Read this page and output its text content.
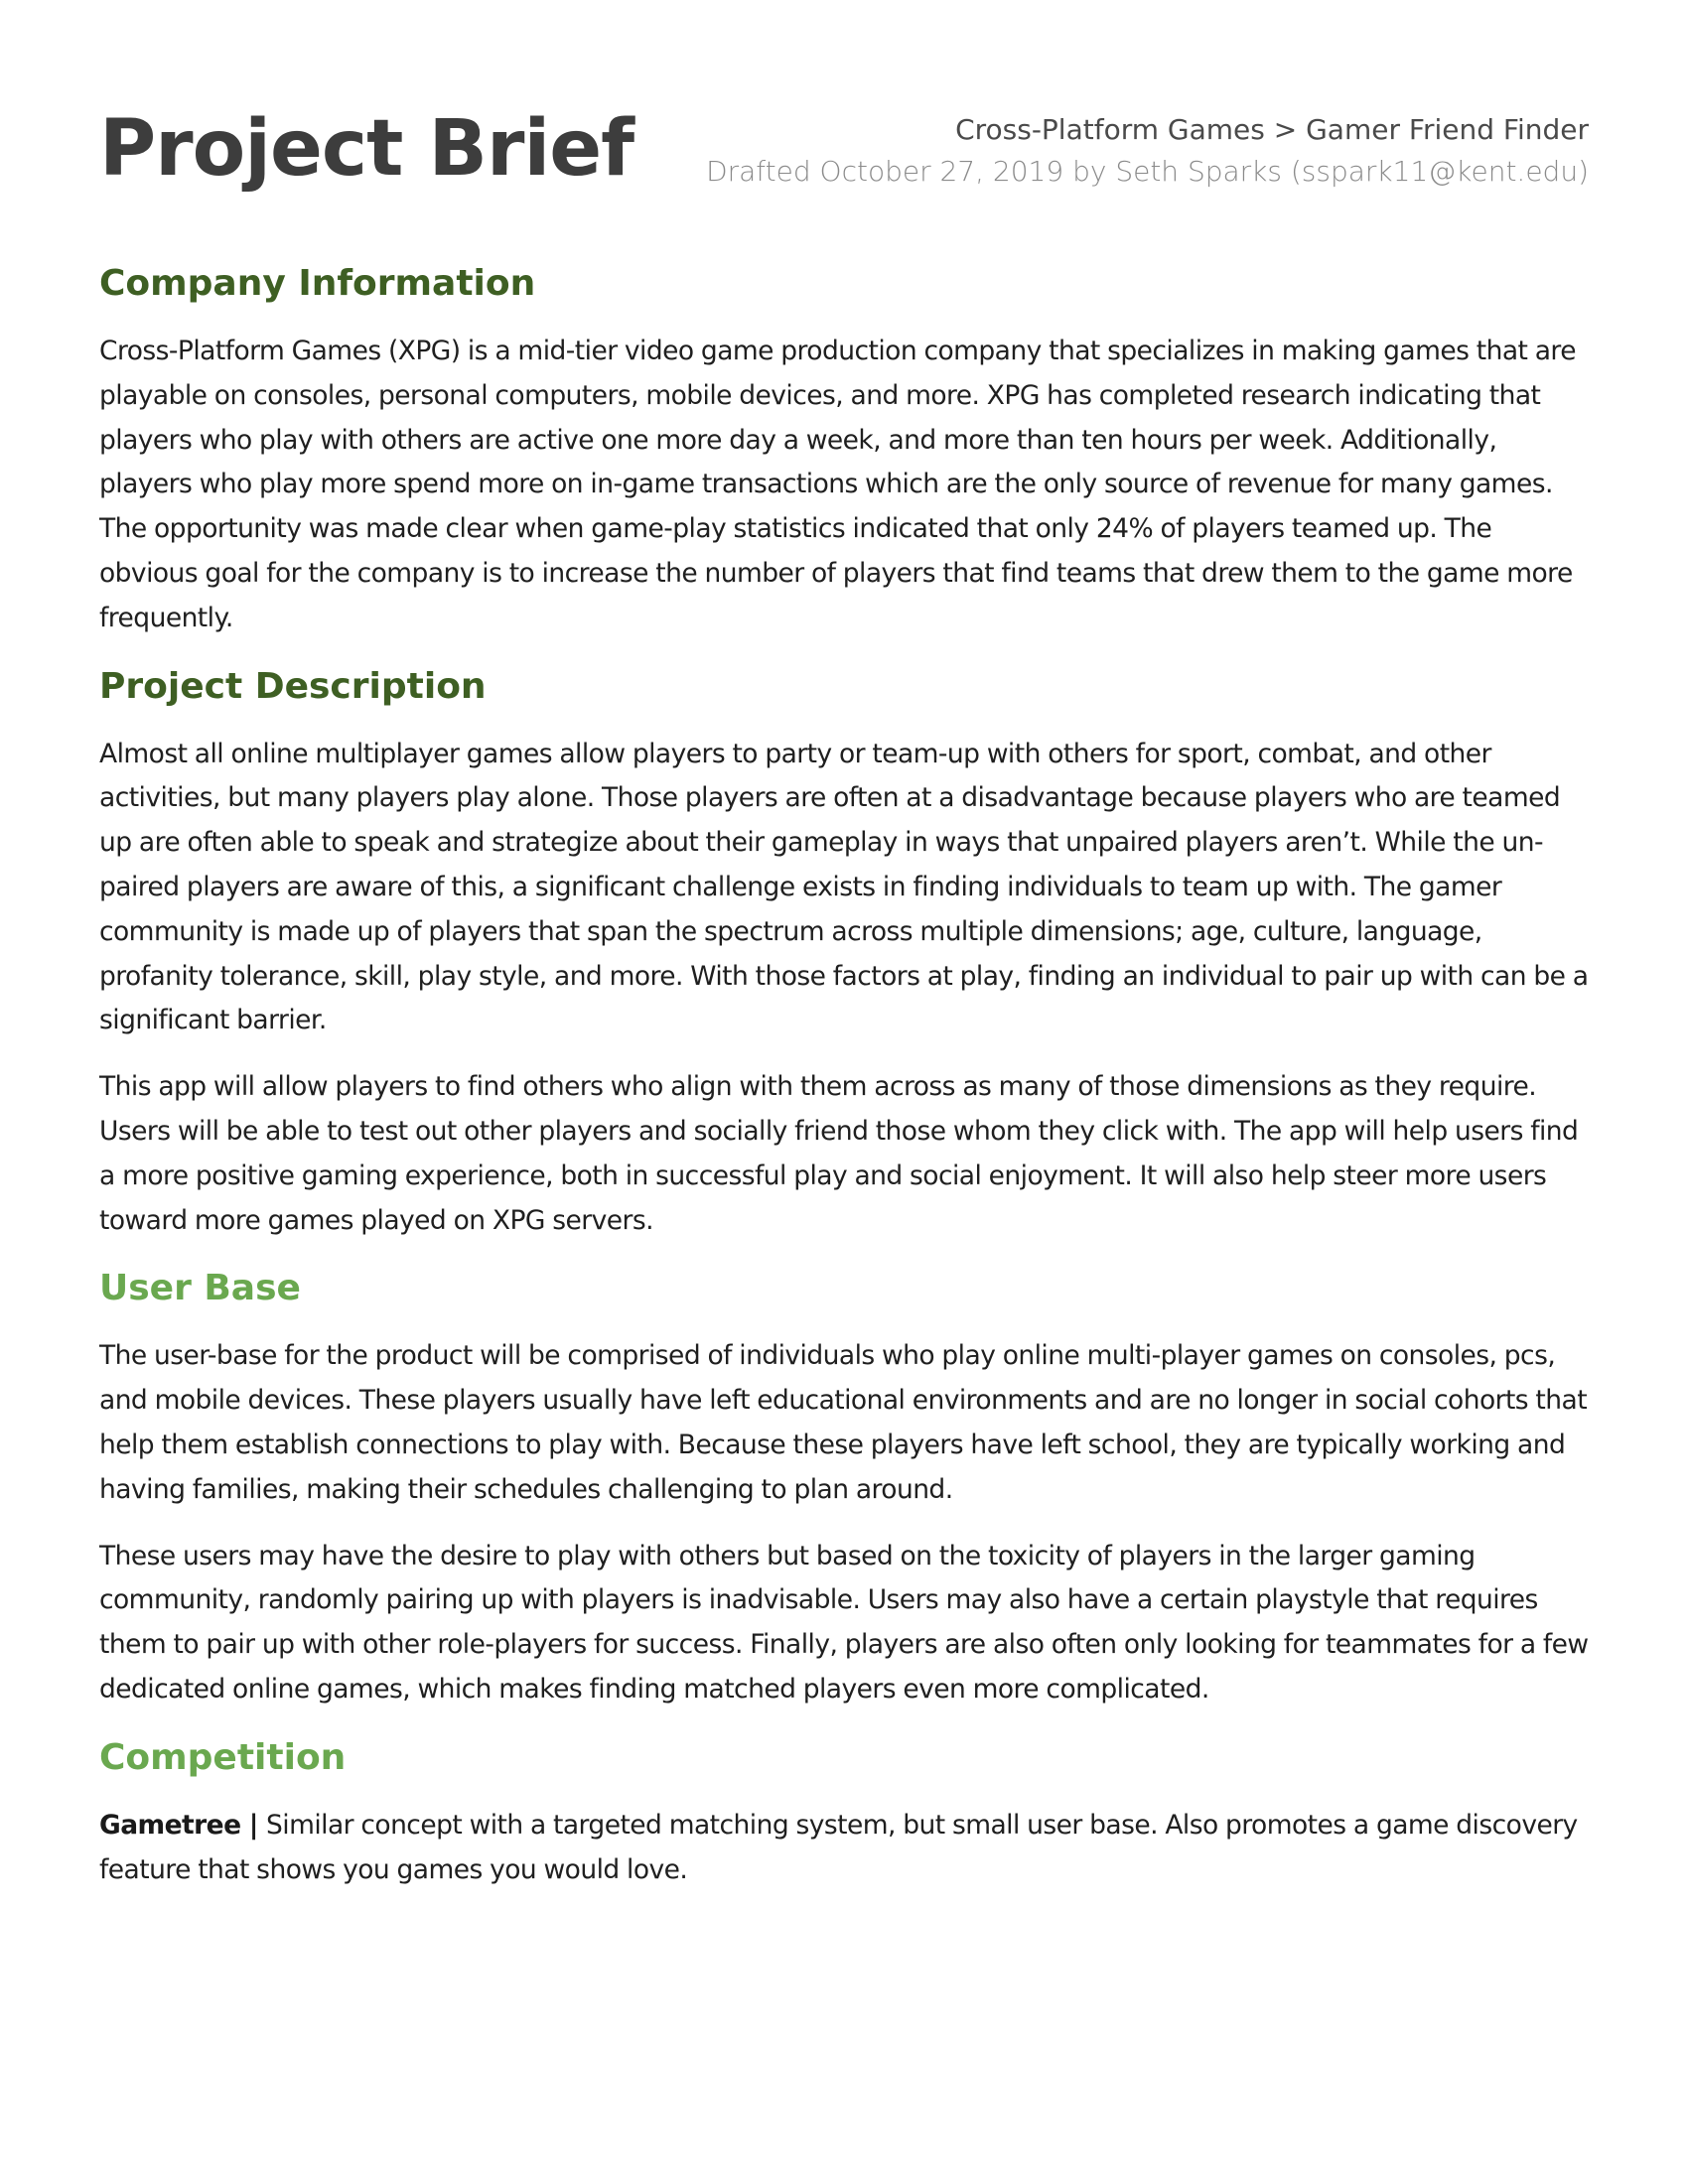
Project Brief	Cross-Platform Games > Gamer Friend Finder
Drafted October 27, 2019 by Seth Sparks (sspark11@kent.edu)
Company Information

Cross-Platform Games (XPG) is a mid-tier video game production company that specializes in making games that are playable on consoles, personal computers, mobile devices, and more. XPG has completed research indicating that players who play with others are active one more day a week, and more than ten hours per week. Additionally, players who play more spend more on in-game transactions which are the only source of revenue for many games. The opportunity was made clear when game-play statistics indicated that only 24% of players teamed up. The obvious goal for the company is to increase the number of players that find teams that drew them to the game more frequently.

Project Description

Almost all online multiplayer games allow players to party or team-up with others for sport, combat, and other activities, but many players play alone. Those players are often at a disadvantage because players who are teamed up are often able to speak and strategize about their gameplay in ways that unpaired players aren’t. While the un-paired players are aware of this, a significant challenge exists in finding individuals to team up with. The gamer community is made up of players that span the spectrum across multiple dimensions; age, culture, language, profanity tolerance, skill, play style, and more. With those factors at play, finding an individual to pair up with can be a significant barrier.

This app will allow players to find others who align with them across as many of those dimensions as they require. Users will be able to test out other players and socially friend those whom they click with. The app will help users find a more positive gaming experience, both in successful play and social enjoyment. It will also help steer more users toward more games played on XPG servers.

User Base

The user-base for the product will be comprised of individuals who play online multi-player games on consoles, pcs, and mobile devices. These players usually have left educational environments and are no longer in social cohorts that help them establish connections to play with. Because these players have left school, they are typically working and having families, making their schedules challenging to plan around.

These users may have the desire to play with others but based on the toxicity of players in the larger gaming community, randomly pairing up with players is inadvisable. Users may also have a certain playstyle that requires them to pair up with other role-players for success. Finally, players are also often only looking for teammates for a few dedicated online games, which makes finding matched players even more complicated.

Competition

Gametree | Similar concept with a targeted matching system, but small user base. Also promotes a game discovery feature that shows you games you would love.
